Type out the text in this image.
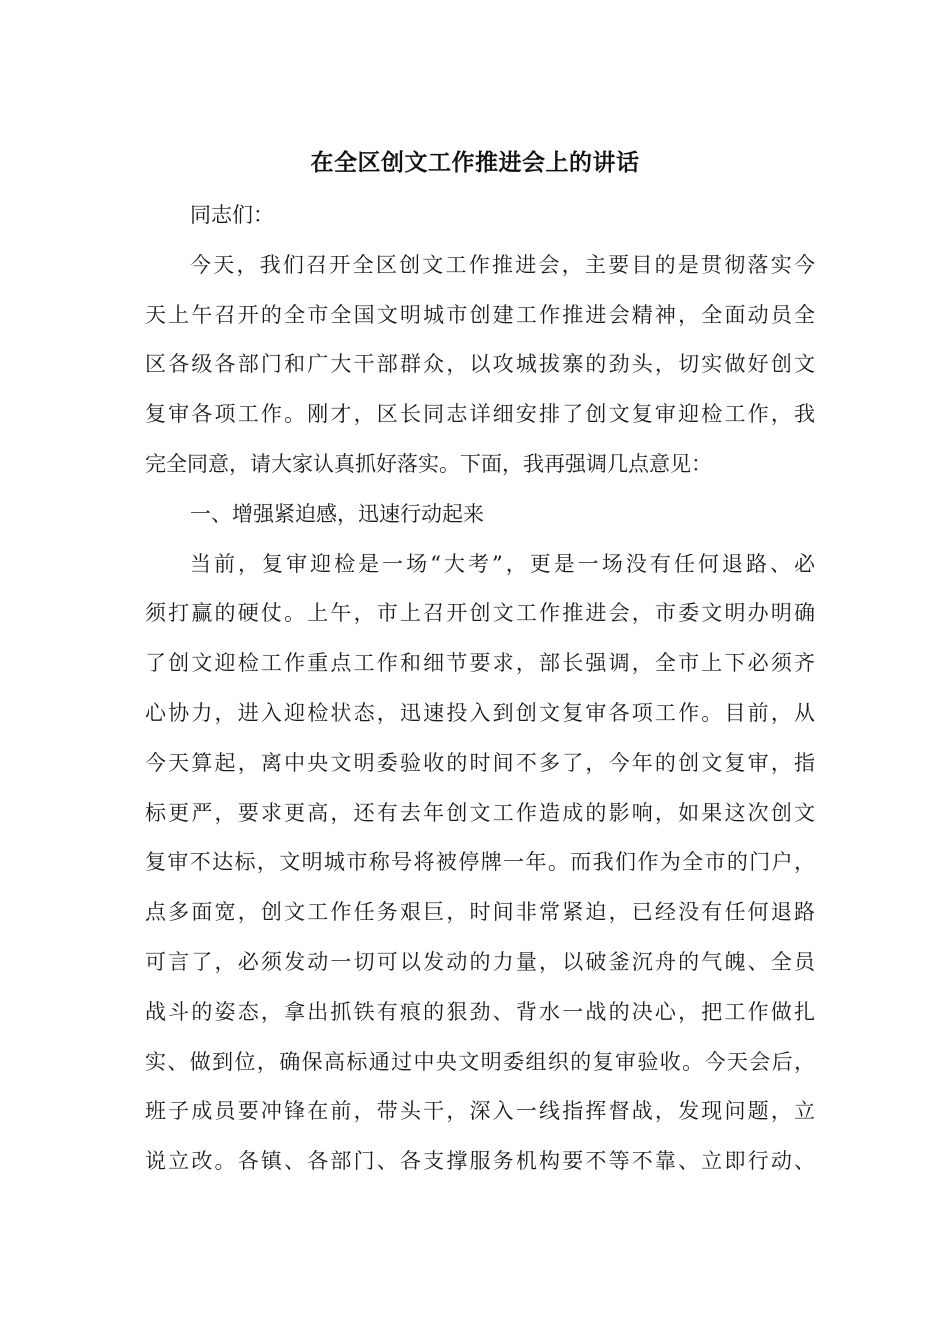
在全区创文工作推进会上的讲话
同志们：
今天，我们召开全区创文工作推进会，主要目的是贯彻落实今
天上午召开的全市全国文明城市创建工作推进会精神，全面动员全
区各级各部门和广大干部群众，以攻城拔寨的劲头，切实做好创文
复审各项工作。刚才，区长同志详细安排了创文复审迎检工作，我
完全同意，请大家认真抓好落实。下面，我再强调几点意见：
一、增强紧迫感，迅速行动起来
当前，复审迎检是一场“大考”，更是一场没有任何退路、必
须打赢的硬仗。上午，市上召开创文工作推进会，市委文明办明确
了创文迎检工作重点工作和细节要求，部长强调，全市上下必须齐
心协力，进入迎检状态，迅速投入到创文复审各项工作。目前，从
今天算起，离中央文明委验收的时间不多了，今年的创文复审，指
标更严，要求更高，还有去年创文工作造成的影响，如果这次创文
复审不达标，文明城市称号将被停牌一年。而我们作为全市的门户，
点多面宽，创文工作任务艰巨，时间非常紧迫，已经没有任何退路
可言了，必须发动一切可以发动的力量，以破釜沉舟的气魄、全员
战斗的姿态，拿出抓铁有痕的狠劲、背水一战的决心，把工作做扎
实、做到位，确保高标通过中央文明委组织的复审验收。今天会后，
班子成员要冲锋在前，带头干，深入一线指挥督战，发现问题，立
说立改。各镇、各部门、各支撑服务机构要不等不靠、立即行动、
